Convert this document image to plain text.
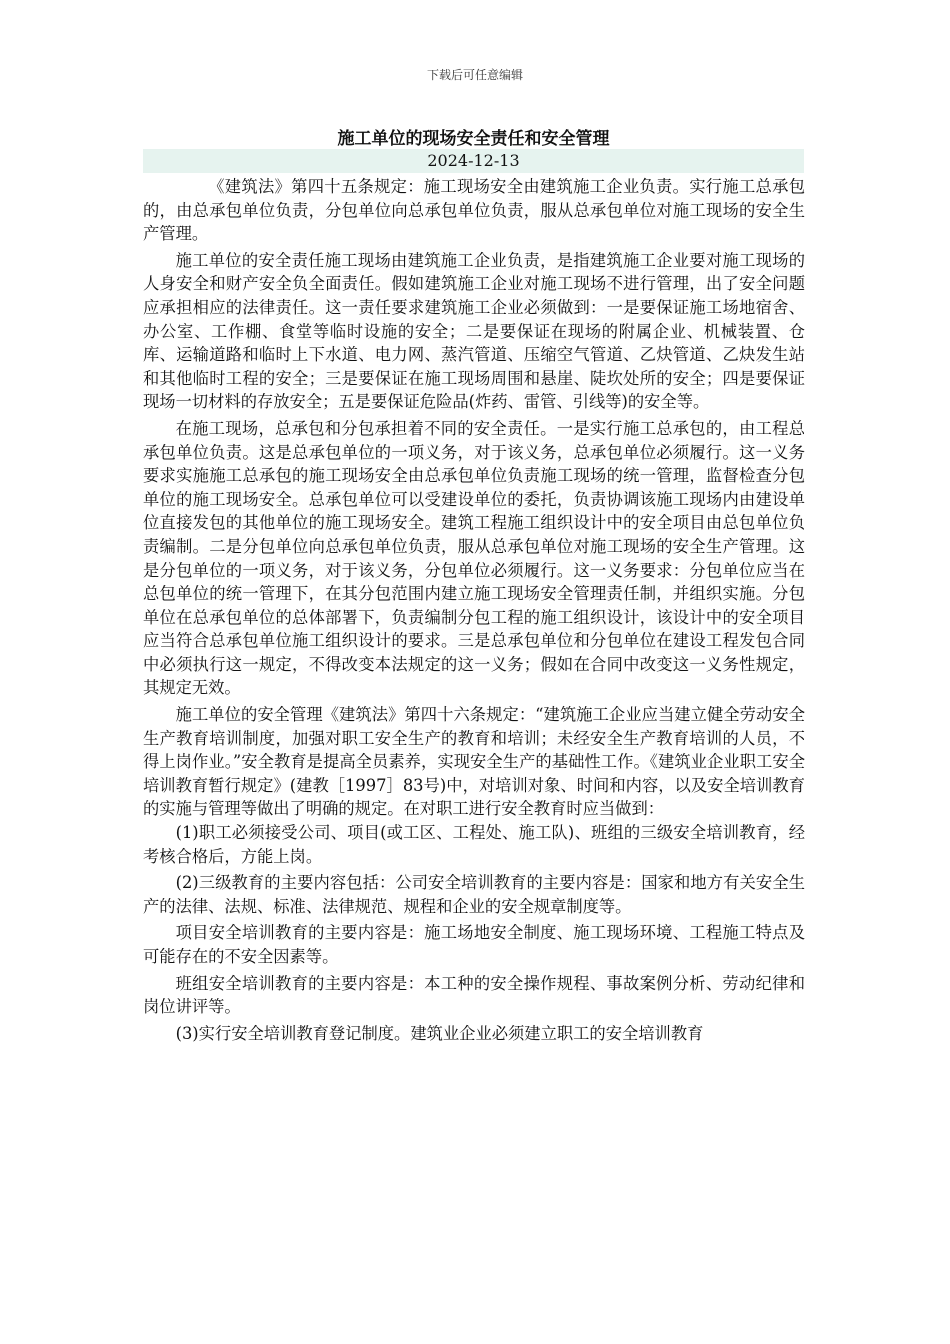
下载后可任意编辑
施工单位的现场安全责任和安全管理
2024-12-13

《建筑法》第四十五条规定：施工现场安全由建筑施工企业负责。实行施工总承包的，由总承包单位负责，分包单位向总承包单位负责，服从总承包单位对施工现场的安全生产管理。

施工单位的安全责任施工现场由建筑施工企业负责，是指建筑施工企业要对施工现场的人身安全和财产安全负全面责任。假如建筑施工企业对施工现场不进行管理，出了安全问题应承担相应的法律责任。这一责任要求建筑施工企业必须做到：一是要保证施工场地宿舍、办公室、工作棚、食堂等临时设施的安全；二是要保证在现场的附属企业、机械装置、仓库、运输道路和临时上下水道、电力网、蒸汽管道、压缩空气管道、乙炔管道、乙炔发生站和其他临时工程的安全；三是要保证在施工现场周围和悬崖、陡坎处所的安全；四是要保证现场一切材料的存放安全；五是要保证危险品(炸药、雷管、引线等)的安全等。

在施工现场，总承包和分包承担着不同的安全责任。一是实行施工总承包的，由工程总承包单位负责。这是总承包单位的一项义务，对于该义务，总承包单位必须履行。这一义务要求实施施工总承包的施工现场安全由总承包单位负责施工现场的统一管理，监督检查分包单位的施工现场安全。总承包单位可以受建设单位的委托，负责协调该施工现场内由建设单位直接发包的其他单位的施工现场安全。建筑工程施工组织设计中的安全项目由总包单位负责编制。二是分包单位向总承包单位负责，服从总承包单位对施工现场的安全生产管理。这是分包单位的一项义务，对于该义务，分包单位必须履行。这一义务要求：分包单位应当在总包单位的统一管理下，在其分包范围内建立施工现场安全管理责任制，并组织实施。分包单位在总承包单位的总体部署下，负责编制分包工程的施工组织设计，该设计中的安全项目应当符合总承包单位施工组织设计的要求。三是总承包单位和分包单位在建设工程发包合同中必须执行这一规定，不得改变本法规定的这一义务；假如在合同中改变这一义务性规定，其规定无效。

施工单位的安全管理《建筑法》第四十六条规定：“建筑施工企业应当建立健全劳动安全生产教育培训制度，加强对职工安全生产的教育和培训；未经安全生产教育培训的人员，不得上岗作业。”安全教育是提高全员素养，实现安全生产的基础性工作。《建筑业企业职工安全培训教育暂行规定》(建教［1997］83号)中，对培训对象、时间和内容，以及安全培训教育的实施与管理等做出了明确的规定。在对职工进行安全教育时应当做到：

(1)职工必须接受公司、项目(或工区、工程处、施工队)、班组的三级安全培训教育，经考核合格后，方能上岗。

(2)三级教育的主要内容包括：公司安全培训教育的主要内容是：国家和地方有关安全生产的法律、法规、标准、法律规范、规程和企业的安全规章制度等。

项目安全培训教育的主要内容是：施工场地安全制度、施工现场环境、工程施工特点及可能存在的不安全因素等。

班组安全培训教育的主要内容是：本工种的安全操作规程、事故案例分析、劳动纪律和岗位讲评等。

(3)实行安全培训教育登记制度。建筑业企业必须建立职工的安全培训教育
